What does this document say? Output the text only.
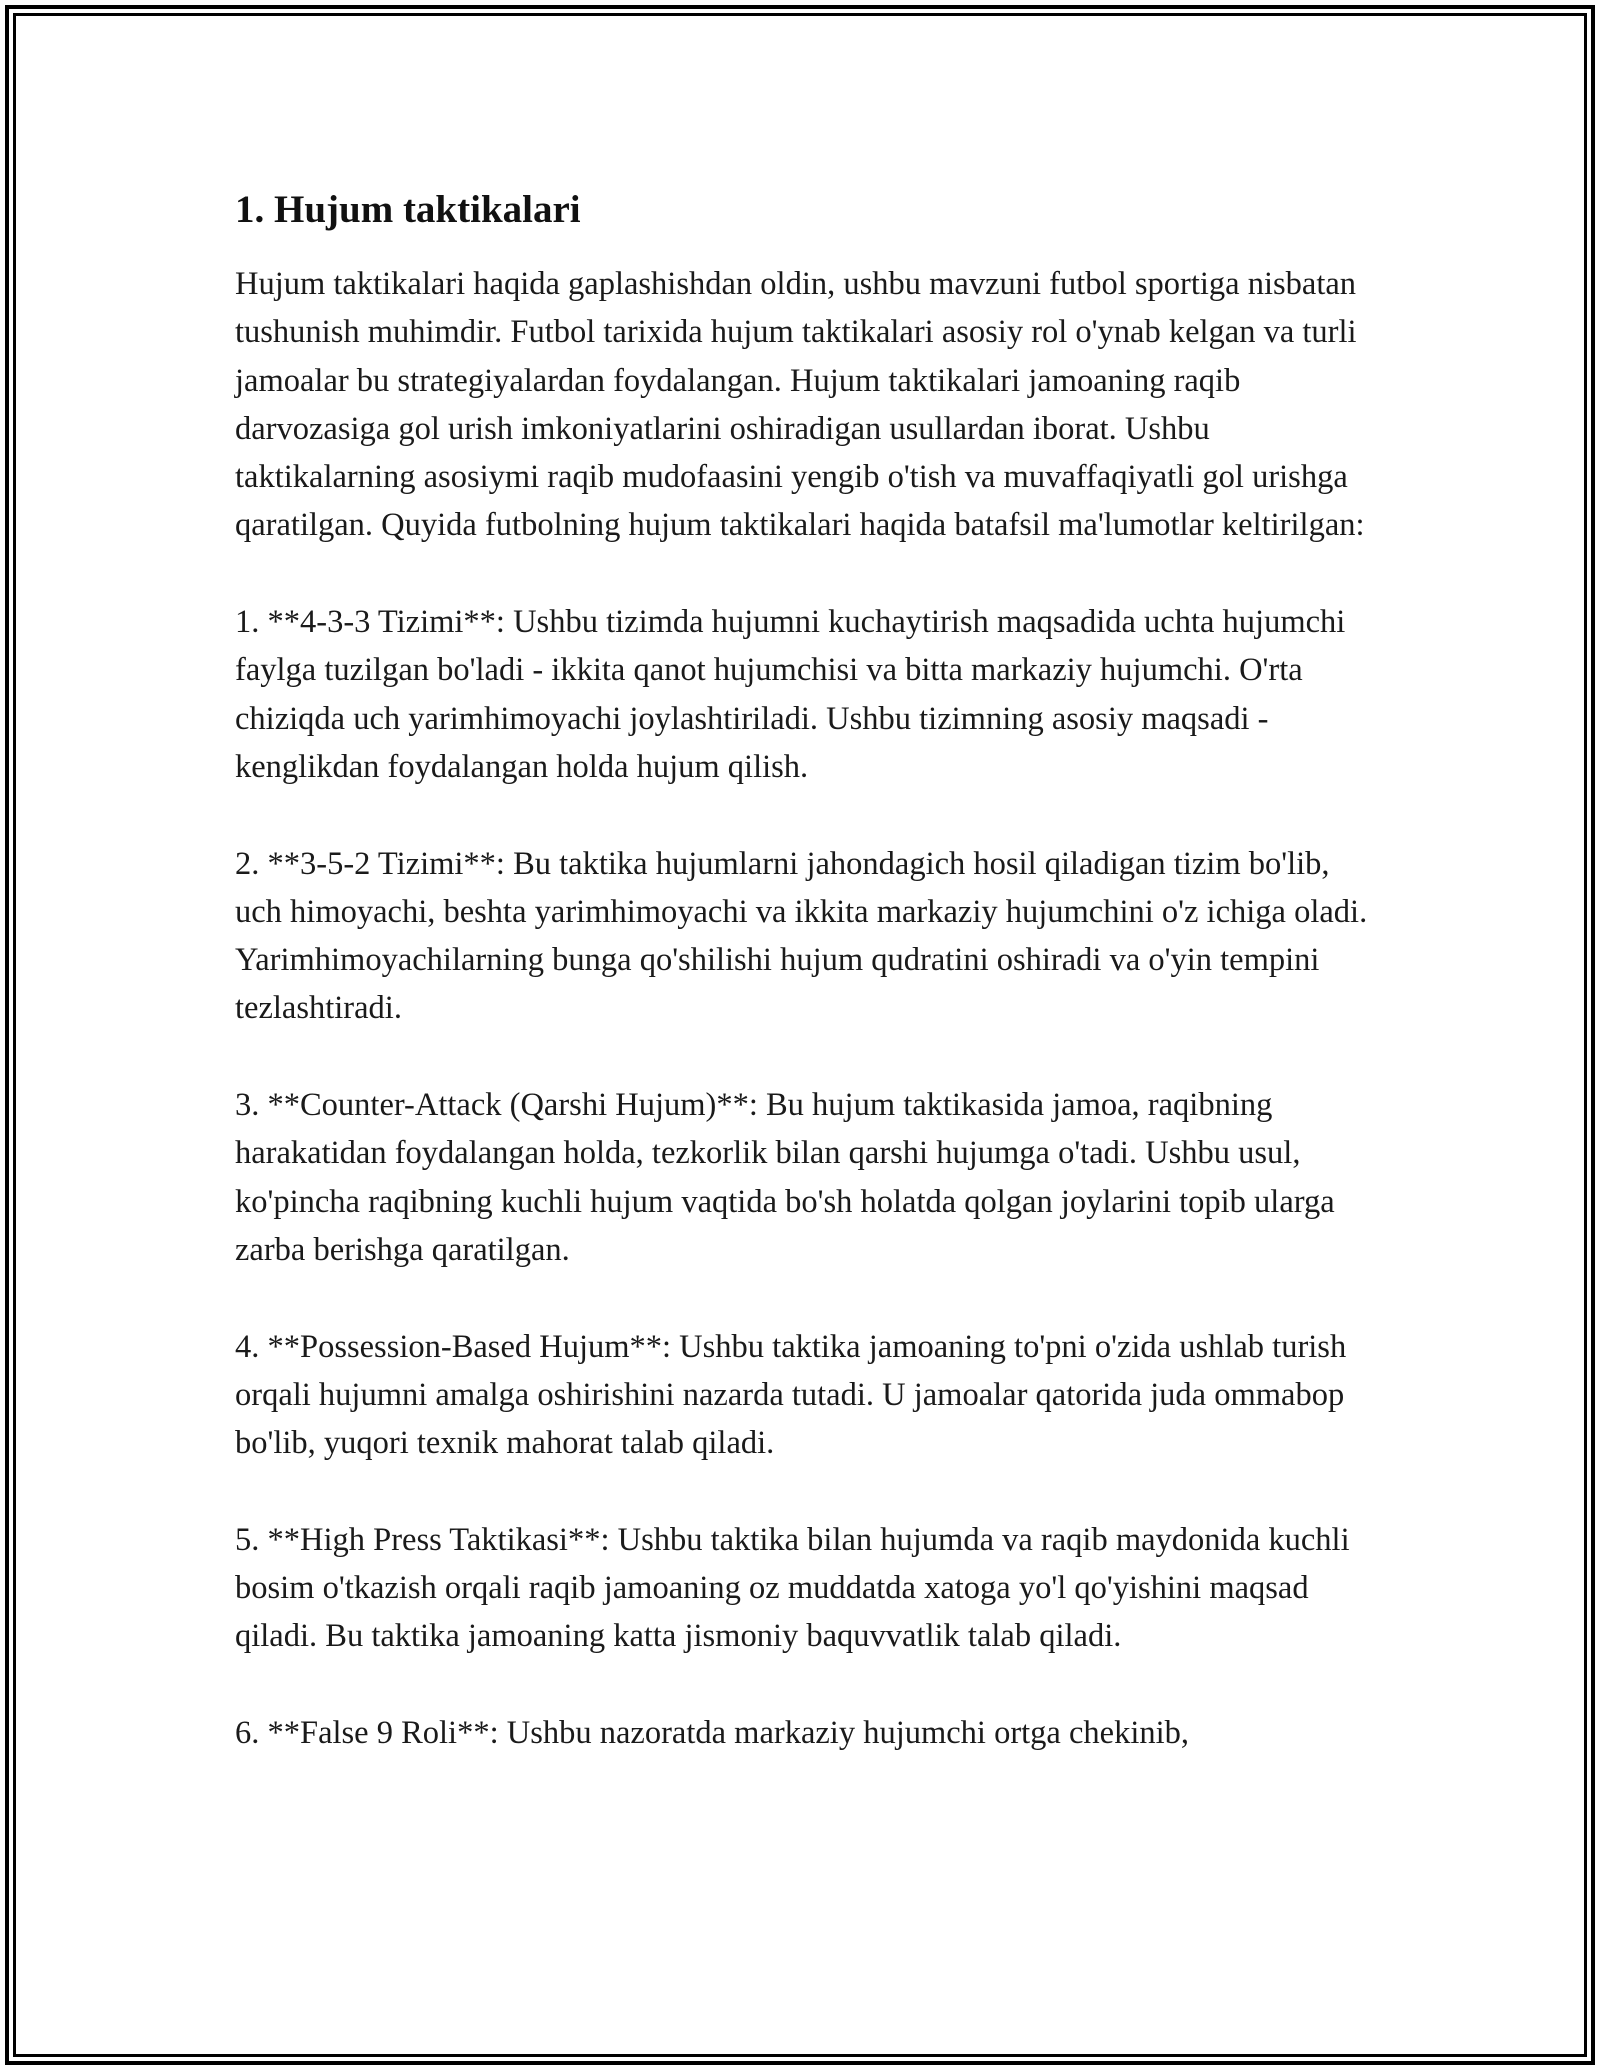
1. Hujum taktikalari

Hujum taktikalari haqida gaplashishdan oldin, ushbu mavzuni futbol sportiga nisbatan tushunish muhimdir. Futbol tarixida hujum taktikalari asosiy rol o'ynab kelgan va turli jamoalar bu strategiyalardan foydalangan. Hujum taktikalari jamoaning raqib darvozasiga gol urish imkoniyatlarini oshiradigan usullardan iborat. Ushbu taktikalarning asosiymi raqib mudofaasini yengib o'tish va muvaffaqiyatli gol urishga qaratilgan. Quyida futbolning hujum taktikalari haqida batafsil ma'lumotlar keltirilgan:

1. **4-3-3 Tizimi**: Ushbu tizimda hujumni kuchaytirish maqsadida uchta hujumchi faylga tuzilgan bo'ladi - ikkita qanot hujumchisi va bitta markaziy hujumchi. O'rta chiziqda uch yarimhimoyachi joylashtiriladi. Ushbu tizimning asosiy maqsadi - kenglikdan foydalangan holda hujum qilish.

2. **3-5-2 Tizimi**: Bu taktika hujumlarni jahondagich hosil qiladigan tizim bo'lib, uch himoyachi, beshta yarimhimoyachi va ikkita markaziy hujumchini o'z ichiga oladi. Yarimhimoyachilarning bunga qo'shilishi hujum qudratini oshiradi va o'yin tempini tezlashtiradi.

3. **Counter-Attack (Qarshi Hujum)**: Bu hujum taktikasida jamoa, raqibning harakatidan foydalangan holda, tezkorlik bilan qarshi hujumga o'tadi. Ushbu usul, ko'pincha raqibning kuchli hujum vaqtida bo'sh holatda qolgan joylarini topib ularga zarba berishga qaratilgan.

4. **Possession-Based Hujum**: Ushbu taktika jamoaning to'pni o'zida ushlab turish orqali hujumni amalga oshirishini nazarda tutadi. U jamoalar qatorida juda ommabop bo'lib, yuqori texnik mahorat talab qiladi.

5. **High Press Taktikasi**: Ushbu taktika bilan hujumda va raqib maydonida kuchli bosim o'tkazish orqali raqib jamoaning oz muddatda xatoga yo'l qo'yishini maqsad qiladi. Bu taktika jamoaning katta jismoniy baquvvatlik talab qiladi.

6. **False 9 Roli**: Ushbu nazoratda markaziy hujumchi ortga chekinib,
